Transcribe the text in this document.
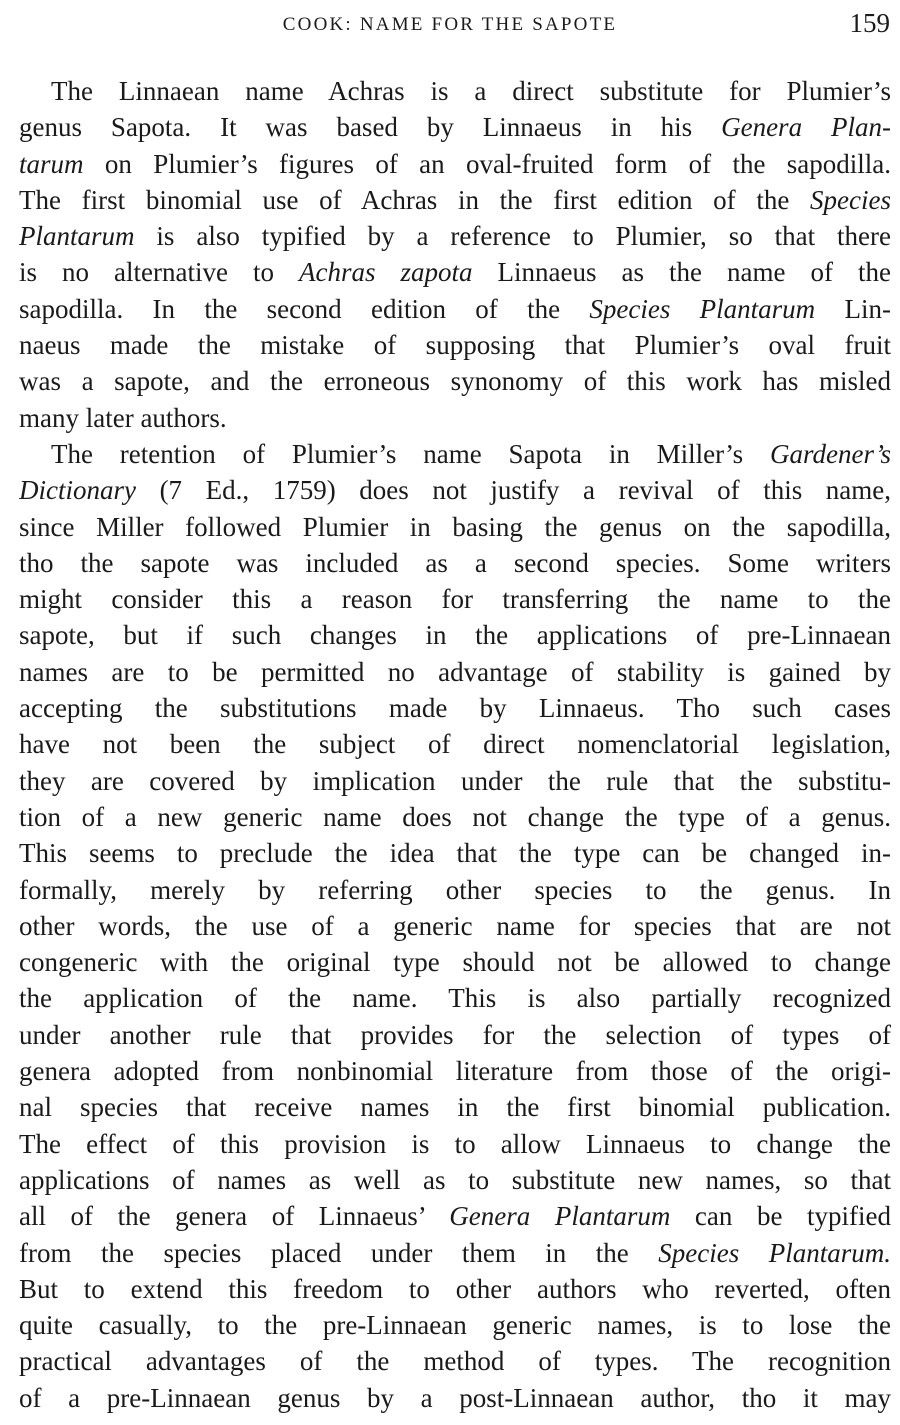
COOK: NAME FOR THE SAPOTE	159
The Linnaean name Achras is a direct substitute for Plumier’s
genus Sapota. It was based by Linnaeus in his Genera Plan-
tarum on Plumier’s figures of an oval-fruited form of the sapodilla.
The first binomial use of Achras in the first edition of the Species
Plantarum is also typified by a reference to Plumier, so that there
is no alternative to Achras zapota Linnaeus as the name of the
sapodilla. In the second edition of the Species Plantarum Lin-
naeus made the mistake of supposing that Plumier’s oval fruit
was a sapote, and the erroneous synonomy of this work has misled
many later authors.
The retention of Plumier’s name Sapota in Miller’s Gardener’s
Dictionary (7 Ed., 1759) does not justify a revival of this name,
since Miller followed Plumier in basing the genus on the sapodilla,
tho the sapote was included as a second species. Some writers
might consider this a reason for transferring the name to the
sapote, but if such changes in the applications of pre-Linnaean
names are to be permitted no advantage of stability is gained by
accepting the substitutions made by Linnaeus. Tho such cases
have not been the subject of direct nomenclatorial legislation,
they are covered by implication under the rule that the substitu-
tion of a new generic name does not change the type of a genus.
This seems to preclude the idea that the type can be changed in-
formally, merely by referring other species to the genus. In
other words, the use of a generic name for species that are not
congeneric with the original type should not be allowed to change
the application of the name. This is also partially recognized
under another rule that provides for the selection of types of
genera adopted from nonbinomial literature from those of the origi-
nal species that receive names in the first binomial publication.
The effect of this provision is to allow Linnaeus to change the
applications of names as well as to substitute new names, so that
all of the genera of Linnaeus’ Genera Plantarum can be typified
from the species placed under them in the Species Plantarum.
But to extend this freedom to other authors who reverted, often
quite casually, to the pre-Linnaean generic names, is to lose the
practical advantages of the method of types. The recognition
of a pre-Linnaean genus by a post-Linnaean author, tho it may
